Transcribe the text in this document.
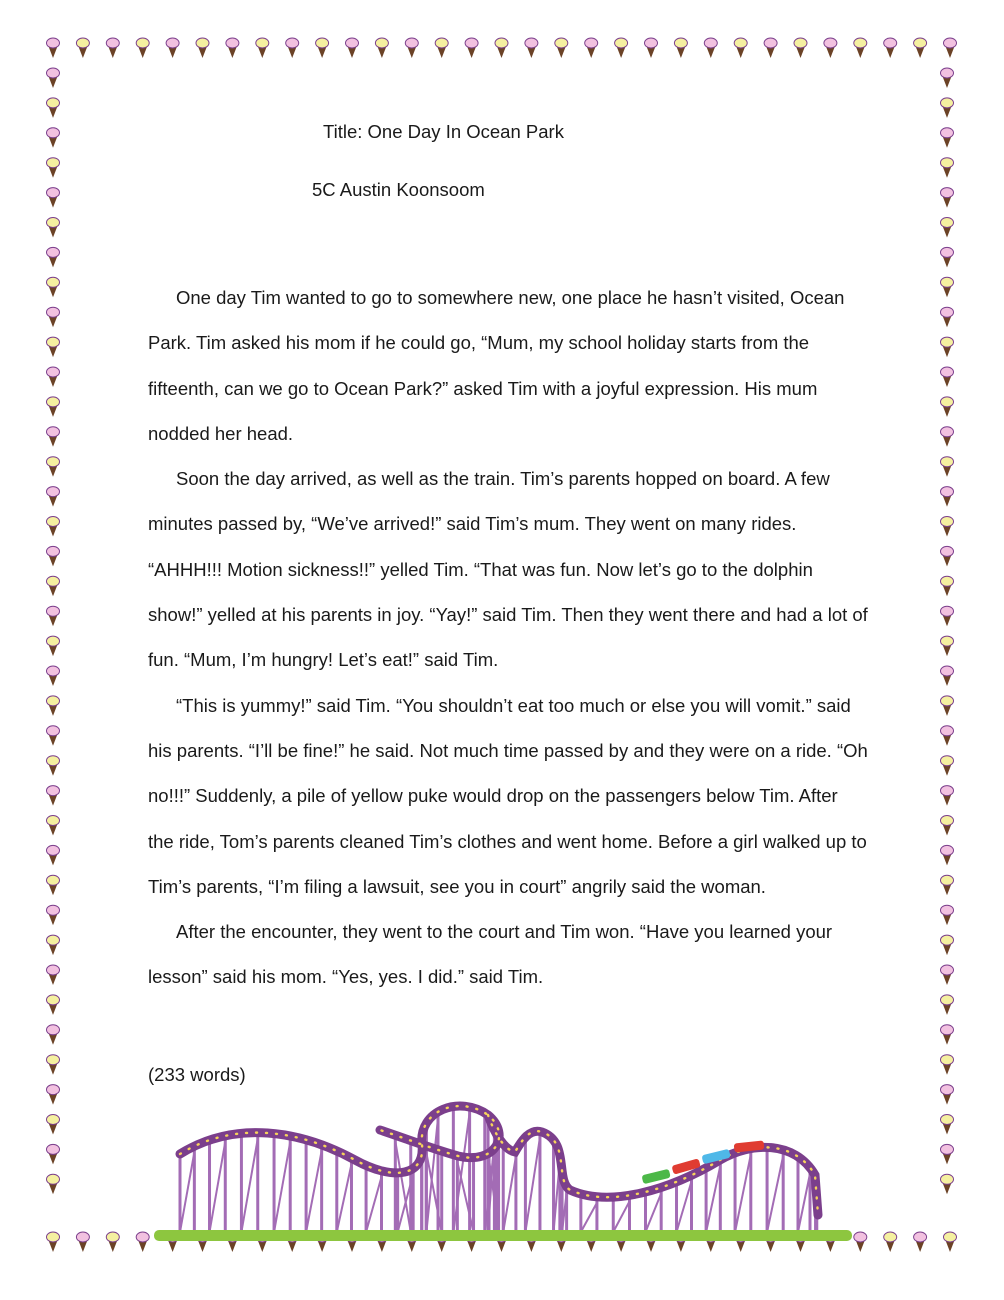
Title: One Day In Ocean Park
5C Austin Koonsoom

One day Tim wanted to go to somewhere new, one place he hasn’t visited, Ocean Park. Tim asked his mom if he could go, “Mum, my school holiday starts from the fifteenth, can we go to Ocean Park?” asked Tim with a joyful expression. His mum nodded her head.

Soon the day arrived, as well as the train. Tim’s parents hopped on board. A few minutes passed by, “We’ve arrived!” said Tim’s mum. They went on many rides. “AHHH!!! Motion sickness!!” yelled Tim. “That was fun. Now let’s go to the dolphin show!” yelled at his parents in joy. “Yay!” said Tim. Then they went there and had a lot of fun. “Mum, I’m hungry! Let’s eat!” said Tim.

“This is yummy!” said Tim. “You shouldn’t eat too much or else you will vomit.” said his parents. “I’ll be fine!” he said. Not much time passed by and they were on a ride. “Oh no!!!” Suddenly, a pile of yellow puke would drop on the passengers below Tim. After the ride, Tom’s parents cleaned Tim’s clothes and went home. Before a girl walked up to Tim’s parents, “I’m filing a lawsuit, see you in court” angrily said the woman.

After the encounter, they went to the court and Tim won. “Have you learned your lesson” said his mom. “Yes, yes. I did.” said Tim.

(233 words)
